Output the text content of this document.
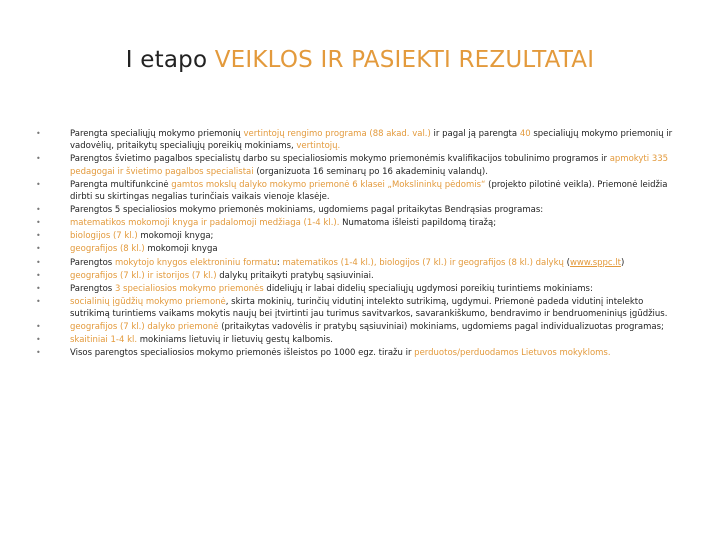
I etapo VEIKLOS IR PASIEKTI REZULTATAI
• Parengta specialiųjų mokymo priemonių vertintojų rengimo programa (88 akad. val.) ir pagal ją parengta 40 specialiųjų mokymo priemonių ir vadovėlių, pritaikytų specialiųjų poreikių mokiniams, vertintojų.
• Parengtos švietimo pagalbos specialistų darbo su specialiosiomis mokymo priemonėmis kvalifikacijos tobulinimo programos ir apmokyti 335 pedagogai ir švietimo pagalbos specialistai (organizuota 16 seminarų po 16 akademinių valandų).
• Parengta multifunkcinė gamtos mokslų dalyko mokymo priemonė 6 klasei „Mokslininkų pėdomis“ (projekto pilotinė veikla). Priemonė leidžia dirbti su skirtingas negalias turinčiais vaikais vienoje klasėje.
• Parengtos 5 specialiosios mokymo priemonės mokiniams, ugdomiems pagal pritaikytas Bendrąsias programas:
• matematikos mokomoji knyga ir padalomoji medžiaga (1-4 kl.). Numatoma išleisti papildomą tiražą;
• biologijos (7 kl.) mokomoji knyga;
• geografijos (8 kl.) mokomoji knyga
• Parengtos mokytojo knygos elektroniniu formatu: matematikos (1-4 kl.), biologijos (7 kl.) ir geografijos (8 kl.) dalykų (www.sppc.lt)
• geografijos (7 kl.) ir istorijos (7 kl.) dalykų pritaikyti pratybų sąsiuviniai.
• Parengtos 3 specialiosios mokymo priemonės dideliųjų ir labai didelių specialiųjų ugdymosi poreikių turintiems mokiniams:
• socialinių įgūdžių mokymo priemonė, skirta mokinių, turinčių vidutinį intelekto sutrikimą, ugdymui. Priemonė padeda vidutinį intelekto sutrikimą turintiems vaikams mokytis naujų bei įtvirtinti jau turimus savitvarkos, savarankiškumo, bendravimo ir bendruomeniniųs įgūdžius.
• geografijos (7 kl.) dalyko priemonė (pritaikytas vadovėlis ir pratybų sąsiuviniai) mokiniams, ugdomiems pagal individualizuotas programas;
• skaitiniai 1-4 kl. mokiniams lietuvių ir lietuvių gestų kalbomis.
• Visos parengtos specialiosios mokymo priemonės išleistos po 1000 egz. tiražu ir perduotos/perduodamos Lietuvos mokykloms.
